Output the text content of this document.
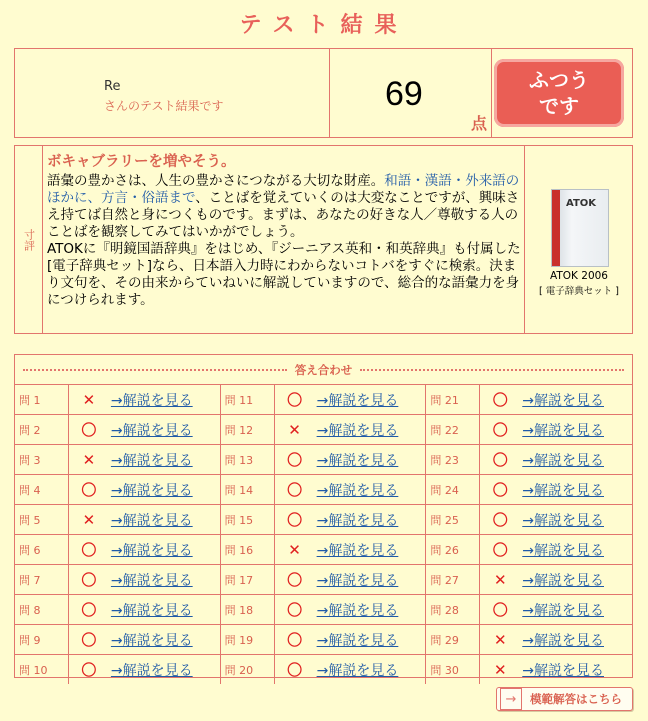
テスト結果
Re
さんのテスト結果です	69
点
ふつう
です
寸評
ボキャブラリーを増やそう。
語彙の豊かさは、人生の豊かさにつながる大切な財産。和語・漢語・外来語のほかに、方言・俗語まで、ことばを覚えていくのは大変なことですが、興味さえ持てば自然と身につくものです。まずは、あなたの好きな人／尊敬する人のことばを観察してみてはいかがでしょう。
ATOKに『明鏡国語辞典』をはじめ、『ジーニアス英和・和英辞典』も付属した[電子辞典セット]なら、日本語入力時にわからないコトバをすぐに検索。決まり文句を、その由来からていねいに解説していますので、総合的な語彙力を身につけられます。
ATOK
ATOK 2006
[ 電子辞典セット ]
答え合わせ
問 1	✕	→解説を見る	問 11	〇	→解説を見る	問 21	〇	→解説を見る
問 2	〇	→解説を見る	問 12	✕	→解説を見る	問 22	〇	→解説を見る
問 3	✕	→解説を見る	問 13	〇	→解説を見る	問 23	〇	→解説を見る
問 4	〇	→解説を見る	問 14	〇	→解説を見る	問 24	〇	→解説を見る
問 5	✕	→解説を見る	問 15	〇	→解説を見る	問 25	〇	→解説を見る
問 6	〇	→解説を見る	問 16	✕	→解説を見る	問 26	〇	→解説を見る
問 7	〇	→解説を見る	問 17	〇	→解説を見る	問 27	✕	→解説を見る
問 8	〇	→解説を見る	問 18	〇	→解説を見る	問 28	〇	→解説を見る
問 9	〇	→解説を見る	問 19	〇	→解説を見る	問 29	✕	→解説を見る
問 10	〇	→解説を見る	問 20	〇	→解説を見る	問 30	✕	→解説を見る
→	模範解答はこちら
